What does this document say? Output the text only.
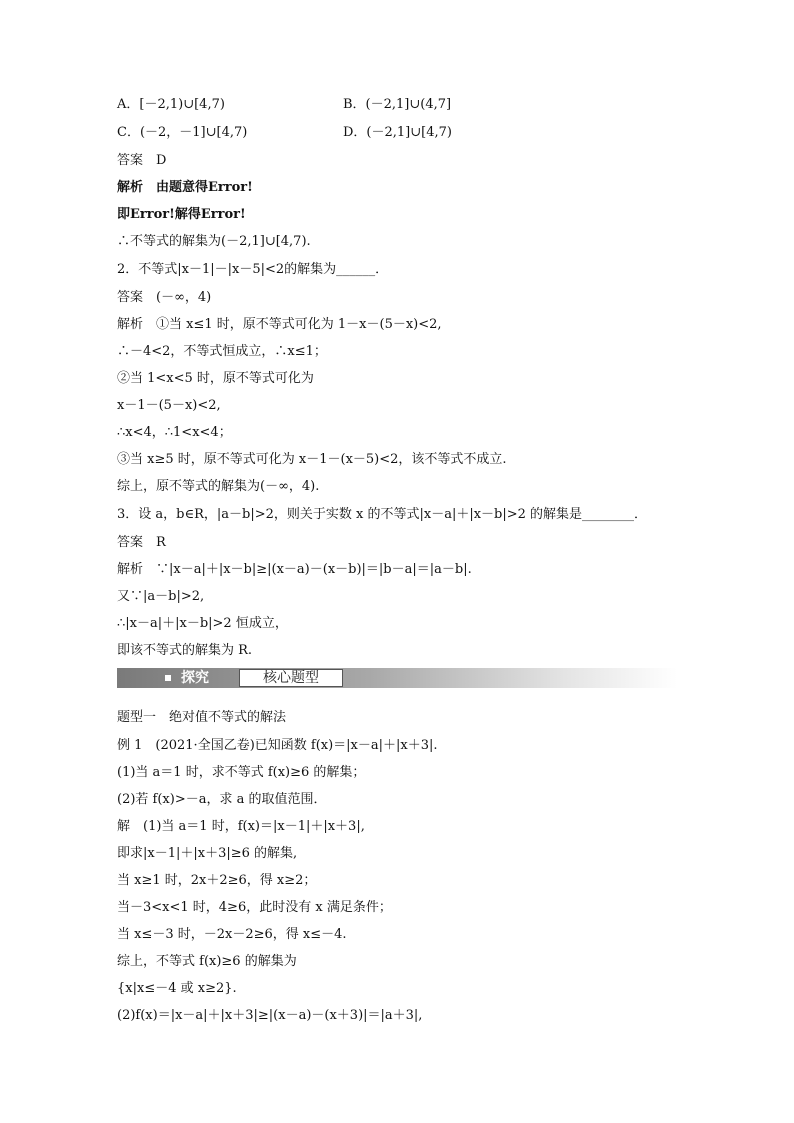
A．[－2,1)∪[4,7)	B．(－2,1]∪(4,7]
C．(－2，－1]∪[4,7)	D．(－2,1]∪[4,7)
答案　D
解析　由题意得Error!
即Error!解得Error!
∴不等式的解集为(－2,1]∪[4,7).
2．不等式|x－1|－|x－5|<2的解集为______．
答案　(－∞，4)
解析　①当 x≤1 时，原不等式可化为 1－x－(5－x)<2,
∴－4<2，不等式恒成立，∴x≤1；
②当 1<x<5 时，原不等式可化为
x－1－(5－x)<2,
∴x<4，∴1<x<4；
③当 x≥5 时，原不等式可化为 x－1－(x－5)<2，该不等式不成立.
综上，原不等式的解集为(－∞，4).
3．设 a，b∈R，|a－b|>2，则关于实数 x 的不等式|x－a|＋|x－b|>2 的解集是________．
答案　R
解析　∵|x－a|＋|x－b|≥|(x－a)－(x－b)|＝|b－a|＝|a－b|.
又∵|a－b|>2,
∴|x－a|＋|x－b|>2 恒成立，
即该不等式的解集为 R.
探究	核心题型
题型一　绝对值不等式的解法
例 1　(2021·全国乙卷)已知函数 f(x)＝|x－a|＋|x＋3|.
(1)当 a＝1 时，求不等式 f(x)≥6 的解集；
(2)若 f(x)>－a，求 a 的取值范围．
解　(1)当 a＝1 时，f(x)＝|x－1|＋|x＋3|,
即求|x－1|＋|x＋3|≥6 的解集,
当 x≥1 时，2x＋2≥6，得 x≥2；
当－3<x<1 时，4≥6，此时没有 x 满足条件；
当 x≤－3 时，－2x－2≥6，得 x≤－4.
综上，不等式 f(x)≥6 的解集为
{x|x≤－4 或 x≥2}.
(2)f(x)＝|x－a|＋|x＋3|≥|(x－a)－(x＋3)|＝|a＋3|,
